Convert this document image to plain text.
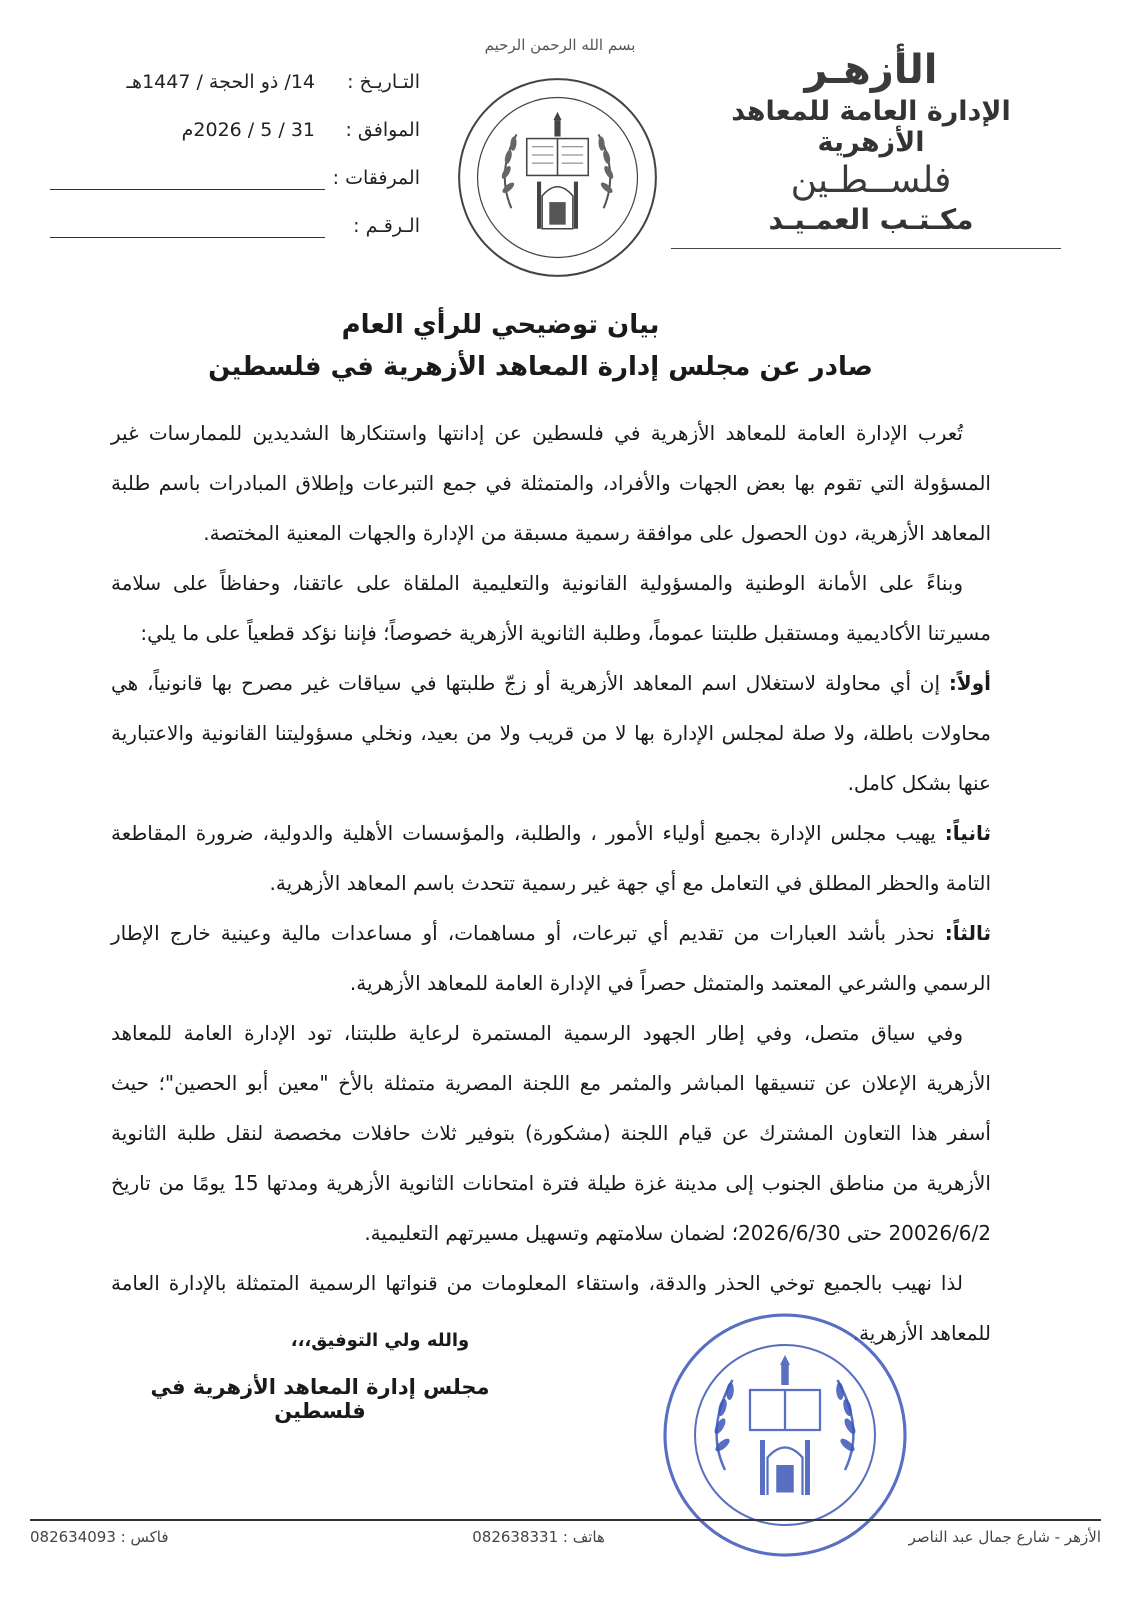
الأزهـر
الإدارة العامة للمعاهد الأزهرية
فلســطـين
مكـتـب العمـيـد
بسم الله الرحمن الرحيم
التـاريـخ :
14/ ذو الحجة / 1447هـ
الموافق :
31 / 5 / 2026م
المرفقات :
الـرقـم :
بيان توضيحي للرأي العام
صادر عن مجلس إدارة المعاهد الأزهرية في فلسطين

تُعرب الإدارة العامة للمعاهد الأزهرية في فلسطين عن إدانتها واستنكارها الشديدين للممارسات غير المسؤولة التي تقوم بها بعض الجهات والأفراد، والمتمثلة في جمع التبرعات وإطلاق المبادرات باسم طلبة المعاهد الأزهرية، دون الحصول على موافقة رسمية مسبقة من الإدارة والجهات المعنية المختصة.

وبناءً على الأمانة الوطنية والمسؤولية القانونية والتعليمية الملقاة على عاتقنا، وحفاظاً على سلامة مسيرتنا الأكاديمية ومستقبل طلبتنا عموماً، وطلبة الثانوية الأزهرية خصوصاً؛ فإننا نؤكد قطعياً على ما يلي:

أولاً: إن أي محاولة لاستغلال اسم المعاهد الأزهرية أو زجّ طلبتها في سياقات غير مصرح بها قانونياً، هي محاولات باطلة، ولا صلة لمجلس الإدارة بها لا من قريب ولا من بعيد، ونخلي مسؤوليتنا القانونية والاعتبارية عنها بشكل كامل.

ثانياً: يهيب مجلس الإدارة بجميع أولياء الأمور ، والطلبة، والمؤسسات الأهلية والدولية، ضرورة المقاطعة التامة والحظر المطلق في التعامل مع أي جهة غير رسمية تتحدث باسم المعاهد الأزهرية.

ثالثاً: نحذر بأشد العبارات من تقديم أي تبرعات، أو مساهمات، أو مساعدات مالية وعينية خارج الإطار الرسمي والشرعي المعتمد والمتمثل حصراً في الإدارة العامة للمعاهد الأزهرية.

وفي سياق متصل، وفي إطار الجهود الرسمية المستمرة لرعاية طلبتنا، تود الإدارة العامة للمعاهد الأزهرية الإعلان عن تنسيقها المباشر والمثمر مع اللجنة المصرية متمثلة بالأخ "معين أبو الحصين"؛ حيث أسفر هذا التعاون المشترك عن قيام اللجنة (مشكورة) بتوفير ثلاث حافلات مخصصة لنقل طلبة الثانوية الأزهرية من مناطق الجنوب إلى مدينة غزة طيلة فترة امتحانات الثانوية الأزهرية ومدتها 15 يومًا من تاريخ 20026/6/2 حتى 2026/6/30؛ لضمان سلامتهم وتسهيل مسيرتهم التعليمية.

لذا نهيب بالجميع توخي الحذر والدقة، واستقاء المعلومات من قنواتها الرسمية المتمثلة بالإدارة العامة للمعاهد الأزهرية.

والله ولي التوفيق،،،
مجلس إدارة المعاهد الأزهرية في فلسطين
الأزهر - شارع جمال عبد الناصر
هاتف : 082638331
فاكس : 082634093
